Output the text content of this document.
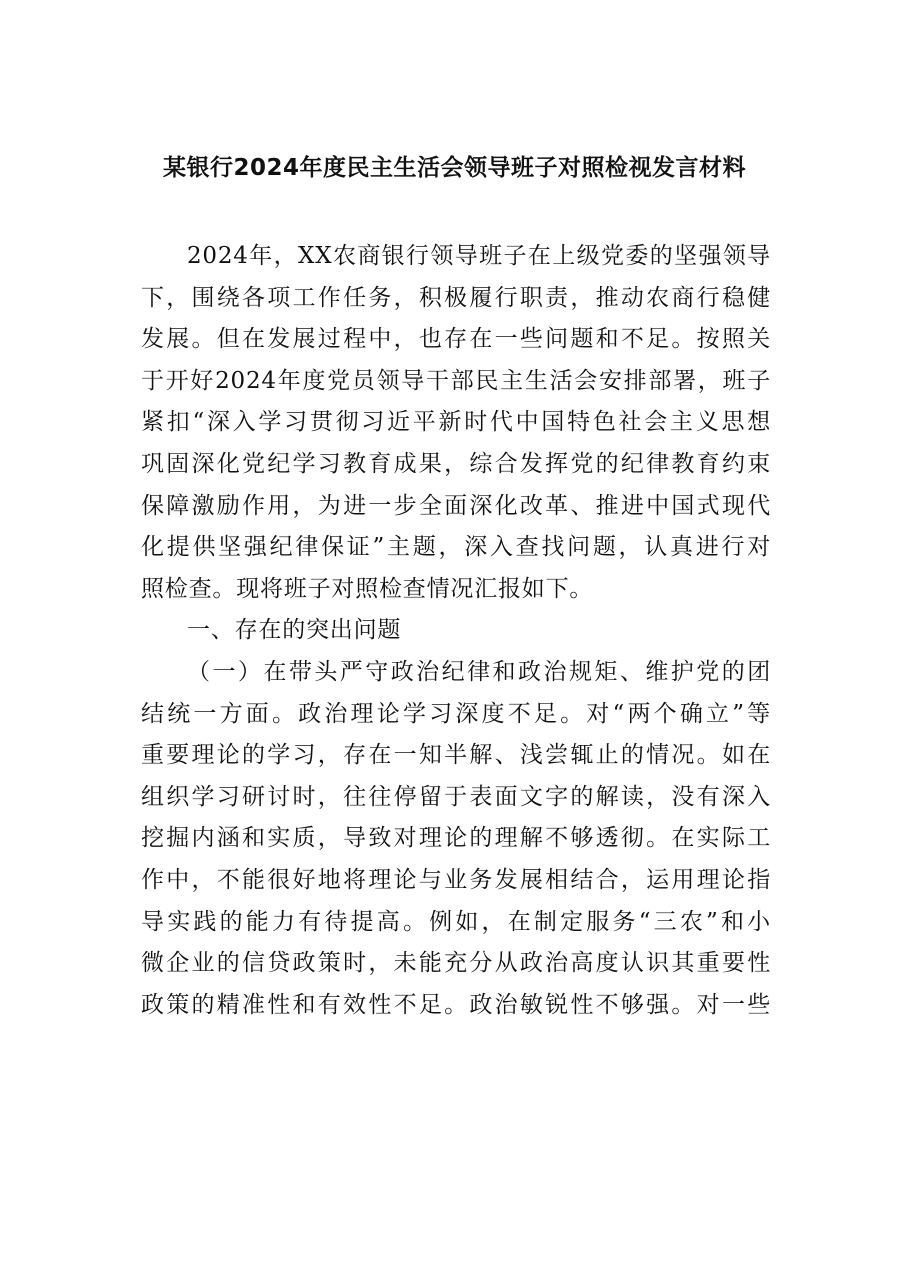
某银行2024年度民主生活会领导班子对照检视发言材料
2024年，XX农商银行领导班子在上级党委的坚强领导
下，围绕各项工作任务，积极履行职责，推动农商行稳健
发展。但在发展过程中，也存在一些问题和不足。按照关
于开好2024年度党员领导干部民主生活会安排部署，班子
紧扣“深入学习贯彻习近平新时代中国特色社会主义思想
巩固深化党纪学习教育成果，综合发挥党的纪律教育约束
保障激励作用，为进一步全面深化改革、推进中国式现代
化提供坚强纪律保证”主题，深入查找问题，认真进行对
照检查。现将班子对照检查情况汇报如下。
一、存在的突出问题
（一）在带头严守政治纪律和政治规矩、维护党的团
结统一方面。政治理论学习深度不足。对“两个确立”等
重要理论的学习，存在一知半解、浅尝辄止的情况。如在
组织学习研讨时，往往停留于表面文字的解读，没有深入
挖掘内涵和实质，导致对理论的理解不够透彻。在实际工
作中，不能很好地将理论与业务发展相结合，运用理论指
导实践的能力有待提高。例如，在制定服务“三农”和小
微企业的信贷政策时，未能充分从政治高度认识其重要性
政策的精准性和有效性不足。政治敏锐性不够强。对一些
